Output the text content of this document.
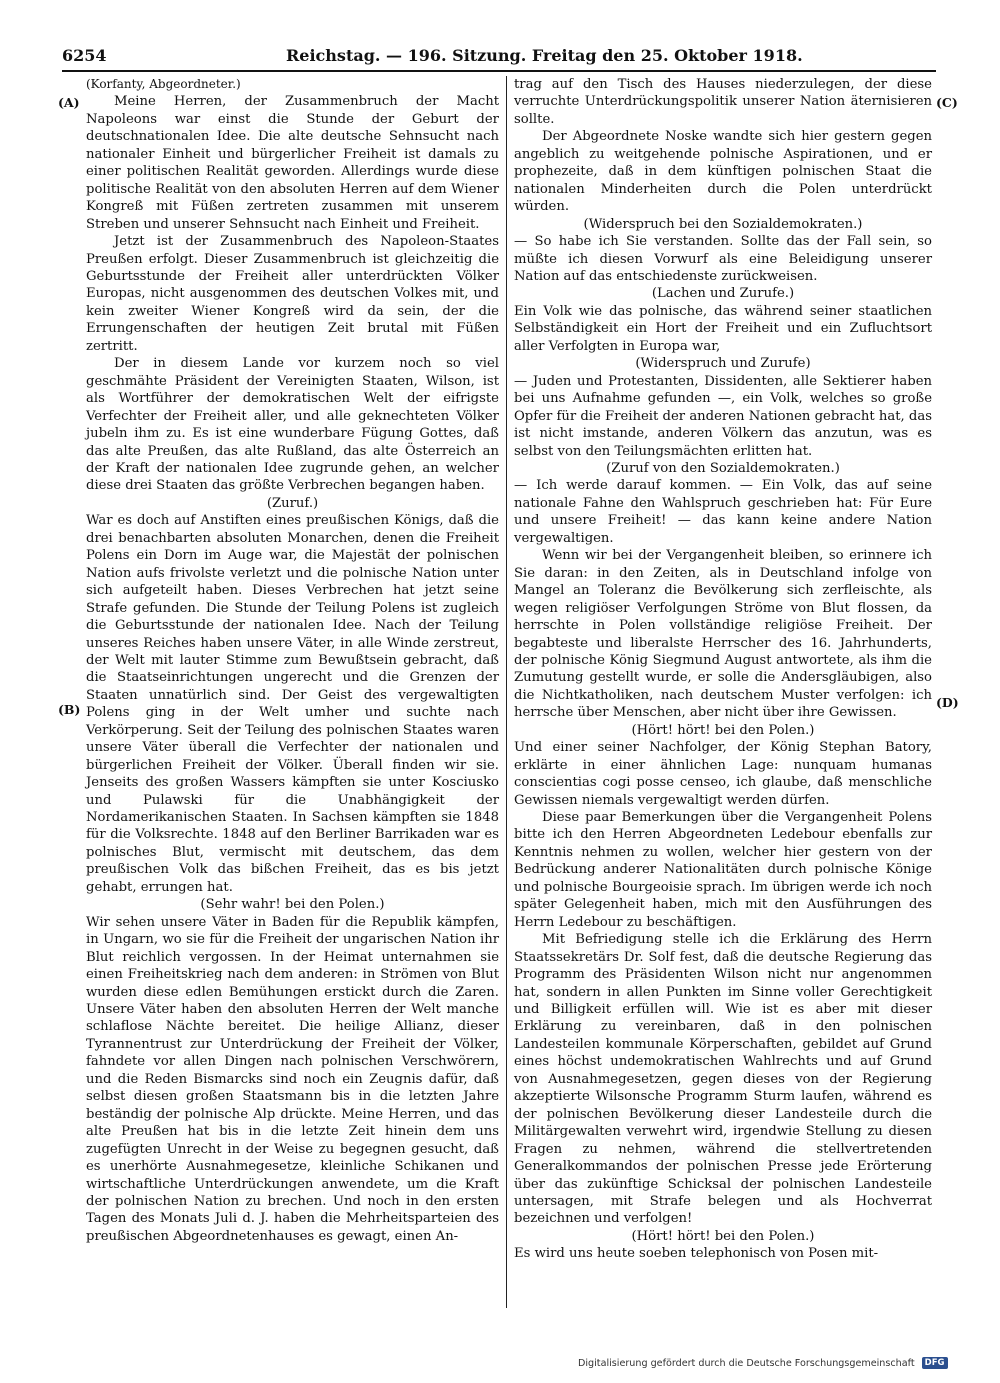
6254	Reichstag. — 196. Sitzung. Freitag den 25. Oktober 1918.
(A)
(B)
(C)
(D)

(Korfanty, Abgeordneter.)

Meine Herren, der Zusammenbruch der Macht Napoleons war einst die Stunde der Geburt der deutschnationalen Idee. Die alte deutsche Sehnsucht nach nationaler Einheit und bürgerlicher Freiheit ist damals zu einer politischen Realität geworden. Allerdings wurde diese politische Realität von den absoluten Herren auf dem Wiener Kongreß mit Füßen zertreten zusammen mit unserem Streben und unserer Sehnsucht nach Einheit und Freiheit.

Jetzt ist der Zusammenbruch des Napoleon-Staates Preußen erfolgt. Dieser Zusammenbruch ist gleichzeitig die Geburtsstunde der Freiheit aller unterdrückten Völker Europas, nicht ausgenommen des deutschen Volkes mit, und kein zweiter Wiener Kongreß wird da sein, der die Errungenschaften der heutigen Zeit brutal mit Füßen zertritt.

Der in diesem Lande vor kurzem noch so viel geschmähte Präsident der Vereinigten Staaten, Wilson, ist als Wortführer der demokratischen Welt der eifrigste Verfechter der Freiheit aller, und alle geknechteten Völker jubeln ihm zu. Es ist eine wunderbare Fügung Gottes, daß das alte Preußen, das alte Rußland, das alte Österreich an der Kraft der nationalen Idee zugrunde gehen, an welcher diese drei Staaten das größte Verbrechen begangen haben.

(Zuruf.)

War es doch auf Anstiften eines preußischen Königs, daß die drei benachbarten absoluten Monarchen, denen die Freiheit Polens ein Dorn im Auge war, die Majestät der polnischen Nation aufs frivolste verletzt und die polnische Nation unter sich aufgeteilt haben. Dieses Verbrechen hat jetzt seine Strafe gefunden. Die Stunde der Teilung Polens ist zugleich die Geburtsstunde der nationalen Idee. Nach der Teilung unseres Reiches haben unsere Väter, in alle Winde zerstreut, der Welt mit lauter Stimme zum Bewußtsein gebracht, daß die Staatseinrichtungen ungerecht und die Grenzen der Staaten unnatürlich sind. Der Geist des vergewaltigten Polens ging in der Welt umher und suchte nach Verkörperung. Seit der Teilung des polnischen Staates waren unsere Väter überall die Verfechter der nationalen und bürgerlichen Freiheit der Völker. Überall finden wir sie. Jenseits des großen Wassers kämpften sie unter Kosciusko und Pulawski für die Unabhängigkeit der Nordamerikanischen Staaten. In Sachsen kämpften sie 1848 für die Volksrechte. 1848 auf den Berliner Barrikaden war es polnisches Blut, vermischt mit deutschem, das dem preußischen Volk das bißchen Freiheit, das es bis jetzt gehabt, errungen hat.

(Sehr wahr! bei den Polen.)

Wir sehen unsere Väter in Baden für die Republik kämpfen, in Ungarn, wo sie für die Freiheit der ungarischen Nation ihr Blut reichlich vergossen. In der Heimat unternahmen sie einen Freiheitskrieg nach dem anderen: in Strömen von Blut wurden diese edlen Bemühungen erstickt durch die Zaren. Unsere Väter haben den absoluten Herren der Welt manche schlaflose Nächte bereitet. Die heilige Allianz, dieser Tyrannentrust zur Unterdrückung der Freiheit der Völker, fahndete vor allen Dingen nach polnischen Verschwörern, und die Reden Bismarcks sind noch ein Zeugnis dafür, daß selbst diesen großen Staatsmann bis in die letzten Jahre beständig der polnische Alp drückte. Meine Herren, und das alte Preußen hat bis in die letzte Zeit hinein dem uns zugefügten Unrecht in der Weise zu begegnen gesucht, daß es unerhörte Ausnahmegesetze, kleinliche Schikanen und wirtschaftliche Unterdrückungen anwendete, um die Kraft der polnischen Nation zu brechen. Und noch in den ersten Tagen des Monats Juli d. J. haben die Mehrheitsparteien des preußischen Abgeordnetenhauses es gewagt, einen An-

trag auf den Tisch des Hauses niederzulegen, der diese verruchte Unterdrückungspolitik unserer Nation äternisieren sollte.

Der Abgeordnete Noske wandte sich hier gestern gegen angeblich zu weitgehende polnische Aspirationen, und er prophezeite, daß in dem künftigen polnischen Staat die nationalen Minderheiten durch die Polen unterdrückt würden.

(Widerspruch bei den Sozialdemokraten.)

— So habe ich Sie verstanden. Sollte das der Fall sein, so müßte ich diesen Vorwurf als eine Beleidigung unserer Nation auf das entschiedenste zurückweisen.

(Lachen und Zurufe.)

Ein Volk wie das polnische, das während seiner staatlichen Selbständigkeit ein Hort der Freiheit und ein Zufluchtsort aller Verfolgten in Europa war,

(Widerspruch und Zurufe)

— Juden und Protestanten, Dissidenten, alle Sektierer haben bei uns Aufnahme gefunden —, ein Volk, welches so große Opfer für die Freiheit der anderen Nationen gebracht hat, das ist nicht imstande, anderen Völkern das anzutun, was es selbst von den Teilungsmächten erlitten hat.

(Zuruf von den Sozialdemokraten.)

— Ich werde darauf kommen. — Ein Volk, das auf seine nationale Fahne den Wahlspruch geschrieben hat: Für Eure und unsere Freiheit! — das kann keine andere Nation vergewaltigen.

Wenn wir bei der Vergangenheit bleiben, so erinnere ich Sie daran: in den Zeiten, als in Deutschland infolge von Mangel an Toleranz die Bevölkerung sich zerfleischte, als wegen religiöser Verfolgungen Ströme von Blut flossen, da herrschte in Polen vollständige religiöse Freiheit. Der begabteste und liberalste Herrscher des 16. Jahrhunderts, der polnische König Siegmund August antwortete, als ihm die Zumutung gestellt wurde, er solle die Andersgläubigen, also die Nichtkatholiken, nach deutschem Muster verfolgen: ich herrsche über Menschen, aber nicht über ihre Gewissen.

(Hört! hört! bei den Polen.)

Und einer seiner Nachfolger, der König Stephan Batory, erklärte in einer ähnlichen Lage: nunquam humanas conscientias cogi posse censeo, ich glaube, daß menschliche Gewissen niemals vergewaltigt werden dürfen.

Diese paar Bemerkungen über die Vergangenheit Polens bitte ich den Herren Abgeordneten Ledebour ebenfalls zur Kenntnis nehmen zu wollen, welcher hier gestern von der Bedrückung anderer Nationalitäten durch polnische Könige und polnische Bourgeoisie sprach. Im übrigen werde ich noch später Gelegenheit haben, mich mit den Ausführungen des Herrn Ledebour zu beschäftigen.

Mit Befriedigung stelle ich die Erklärung des Herrn Staatssekretärs Dr. Solf fest, daß die deutsche Regierung das Programm des Präsidenten Wilson nicht nur angenommen hat, sondern in allen Punkten im Sinne voller Gerechtigkeit und Billigkeit erfüllen will. Wie ist es aber mit dieser Erklärung zu vereinbaren, daß in den polnischen Landesteilen kommunale Körperschaften, gebildet auf Grund eines höchst undemokratischen Wahlrechts und auf Grund von Ausnahmegesetzen, gegen dieses von der Regierung akzeptierte Wilsonsche Programm Sturm laufen, während es der polnischen Bevölkerung dieser Landesteile durch die Militärgewalten verwehrt wird, irgendwie Stellung zu diesen Fragen zu nehmen, während die stellvertretenden Generalkommandos der polnischen Presse jede Erörterung über das zukünftige Schicksal der polnischen Landesteile untersagen, mit Strafe belegen und als Hochverrat bezeichnen und verfolgen!

(Hört! hört! bei den Polen.)

Es wird uns heute soeben telephonisch von Posen mit-

Digitalisierung gefördert durch die Deutsche Forschungsgemeinschaft DFG
